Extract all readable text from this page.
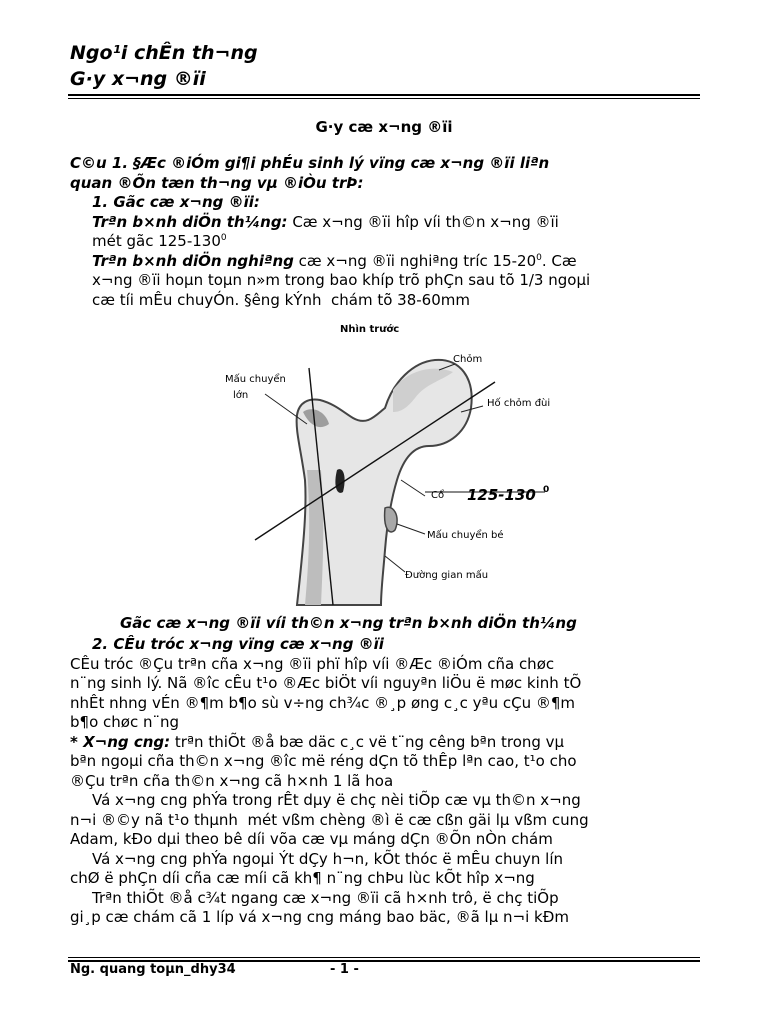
Ngo¹i chÊn th¬ng
G·y x¬ng ®ïi
G·y cæ x¬ng ®ïi
C©u 1. §Æc ®iÓm gi¶i phÉu sinh lý vïng cæ x¬ng ®ïi liªn
quan ®Õn tæn th¬ng vµ ®iÒu trÞ:
1. Gãc cæ x¬ng ®ïi:
Trªn b×nh diÖn th¼ng: Cæ x¬ng ®ïi hîp víi th©n x¬ng ®ïi
mét gãc $125-130^0$
Trªn b×nh diÖn nghiªng cæ x¬ng ®ïi nghiªng tríc $15-20^0$. Cæ
x¬ng ®ïi hoµn toµn n»m trong bao khíp trõ phÇn sau tõ 1/3 ngoµi
cæ tíi mÊu chuyÓn. §êng kÝnh  chám tõ 38-60mm
Nhìn trước
Chỏm
Mấu chuyển
lớn
Hố chỏm đùi
Cổ 125-130 0
Mấu chuyển bé
Đường gian mấu
Gãc cæ x¬ng ®ïi víi th©n x¬ng trªn b×nh diÖn th¼ng
2. CÊu tróc x¬ng vïng cæ x¬ng ®ïi
CÊu tróc ®Çu trªn cña x¬ng ®ïi phï hîp víi ®Æc ®iÓm cña chøc
n¨ng sinh lý. Nã ®îc cÊu t¹o ®Æc biÖt víi nguyªn liÖu ë møc kinh tÕ
nhÊt nhng vÉn ®¶m b¶o sù v÷ng ch¾c ®¸p øng c¸c yªu cÇu ®¶m
b¶o chøc n¨ng
* X¬ng cng: trªn thiÕt ®å bæ däc c¸c vë t¨ng cêng bªn trong vµ
bªn ngoµi cña th©n x¬ng ®îc më réng dÇn tõ thÊp lªn cao, t¹o cho
®Çu trªn cña th©n x¬ng cã h×nh 1 lã hoa
Vá x¬ng cng phÝa trong rÊt dµy ë chç nèi tiÕp cæ vµ th©n x¬ng
n¬i ®©y nã t¹o thµnh  mét vßm chèng ®ì ë cæ cßn gäi lµ vßm cung
Adam, kÐo dµi theo bê díi võa cæ vµ máng dÇn ®Õn nÒn chám
Vá x¬ng cng phÝa ngoµi Ýt dÇy h¬n, kÕt thóc ë mÊu chuyn lín
chØ ë phÇn díi cña cæ míi cã kh¶ n¨ng chÞu lùc kÕt hîp x¬ng
Trªn thiÕt ®å c¾t ngang cæ x¬ng ®ïi cã h×nh trô, ë chç tiÕp
gi¸p cæ chám cã 1 líp vá x¬ng cng máng bao bäc, ®ã lµ n¬i kÐm
Ng. quang toµn_dhy34	- 1 -
